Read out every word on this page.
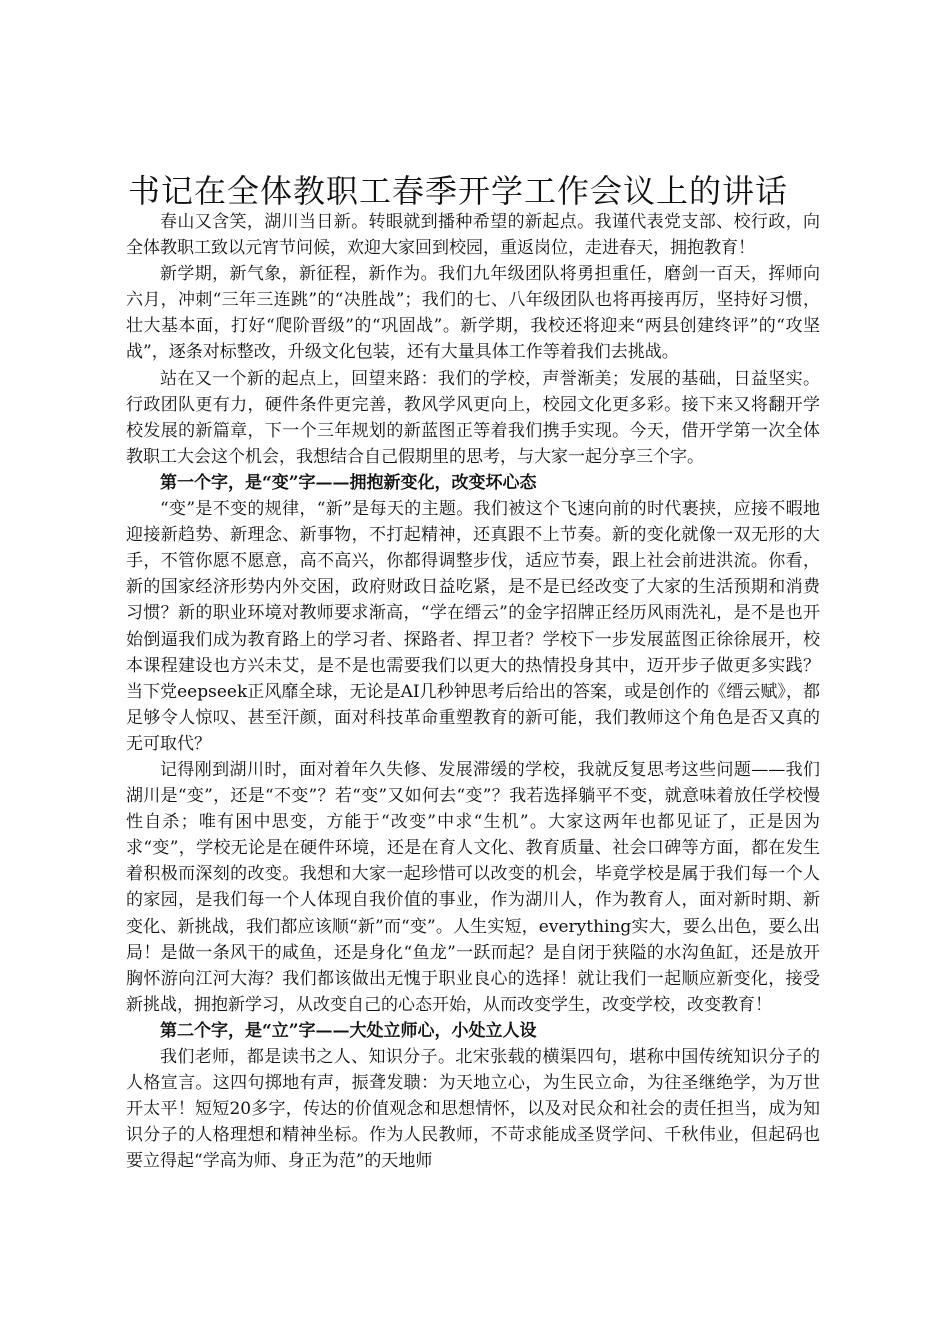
书记在全体教职工春季开学工作会议上的讲话

春山又含笑，湖川当日新。转眼就到播种希望的新起点。我谨代表党支部、校行政，向全体教职工致以元宵节问候，欢迎大家回到校园，重返岗位，走进春天，拥抱教育！

新学期，新气象，新征程，新作为。我们九年级团队将勇担重任，磨剑一百天，挥师向六月，冲刺“三年三连跳”的“决胜战”；我们的七、八年级团队也将再接再厉，坚持好习惯，壮大基本面，打好“爬阶晋级”的“巩固战”。新学期，我校还将迎来“两县创建终评”的“攻坚战”，逐条对标整改，升级文化包装，还有大量具体工作等着我们去挑战。

站在又一个新的起点上，回望来路：我们的学校，声誉渐美；发展的基础，日益坚实。行政团队更有力，硬件条件更完善，教风学风更向上，校园文化更多彩。接下来又将翻开学校发展的新篇章，下一个三年规划的新蓝图正等着我们携手实现。今天，借开学第一次全体教职工大会这个机会，我想结合自己假期里的思考，与大家一起分享三个字。

第一个字，是“变”字——拥抱新变化，改变坏心态

“变”是不变的规律，“新”是每天的主题。我们被这个飞速向前的时代裹挟，应接不暇地迎接新趋势、新理念、新事物，不打起精神，还真跟不上节奏。新的变化就像一双无形的大手，不管你愿不愿意，高不高兴，你都得调整步伐，适应节奏，跟上社会前进洪流。你看，新的国家经济形势内外交困，政府财政日益吃紧，是不是已经改变了大家的生活预期和消费习惯？新的职业环境对教师要求渐高，“学在缙云”的金字招牌正经历风雨洗礼，是不是也开始倒逼我们成为教育路上的学习者、探路者、捍卫者？学校下一步发展蓝图正徐徐展开，校本课程建设也方兴未艾，是不是也需要我们以更大的热情投身其中，迈开步子做更多实践？当下党eepseek正风靡全球，无论是AI几秒钟思考后给出的答案，或是创作的《缙云赋》，都足够令人惊叹、甚至汗颜，面对科技革命重塑教育的新可能，我们教师这个角色是否又真的无可取代？

记得刚到湖川时，面对着年久失修、发展滞缓的学校，我就反复思考这些问题——我们湖川是“变”，还是“不变”？若“变”又如何去“变”？我若选择躺平不变，就意味着放任学校慢性自杀；唯有困中思变，方能于“改变”中求“生机”。大家这两年也都见证了，正是因为求“变”，学校无论是在硬件环境，还是在育人文化、教育质量、社会口碑等方面，都在发生着积极而深刻的改变。我想和大家一起珍惜可以改变的机会，毕竟学校是属于我们每一个人的家园，是我们每一个人体现自我价值的事业，作为湖川人，作为教育人，面对新时期、新变化、新挑战，我们都应该顺“新”而“变”。人生实短，everything实大，要么出色，要么出局！是做一条风干的咸鱼，还是身化“鱼龙”一跃而起？是自闭于狭隘的水沟鱼缸，还是放开胸怀游向江河大海？我们都该做出无愧于职业良心的选择！就让我们一起顺应新变化，接受新挑战，拥抱新学习，从改变自己的心态开始，从而改变学生，改变学校，改变教育！

第二个字，是“立”字——大处立师心，小处立人设

我们老师，都是读书之人、知识分子。北宋张载的横渠四句，堪称中国传统知识分子的人格宣言。这四句掷地有声，振聋发聩：为天地立心，为生民立命，为往圣继绝学，为万世开太平！短短20多字，传达的价值观念和思想情怀，以及对民众和社会的责任担当，成为知识分子的人格理想和精神坐标。作为人民教师，不苛求能成圣贤学问、千秋伟业，但起码也要立得起“学高为师、身正为范”的天地师
